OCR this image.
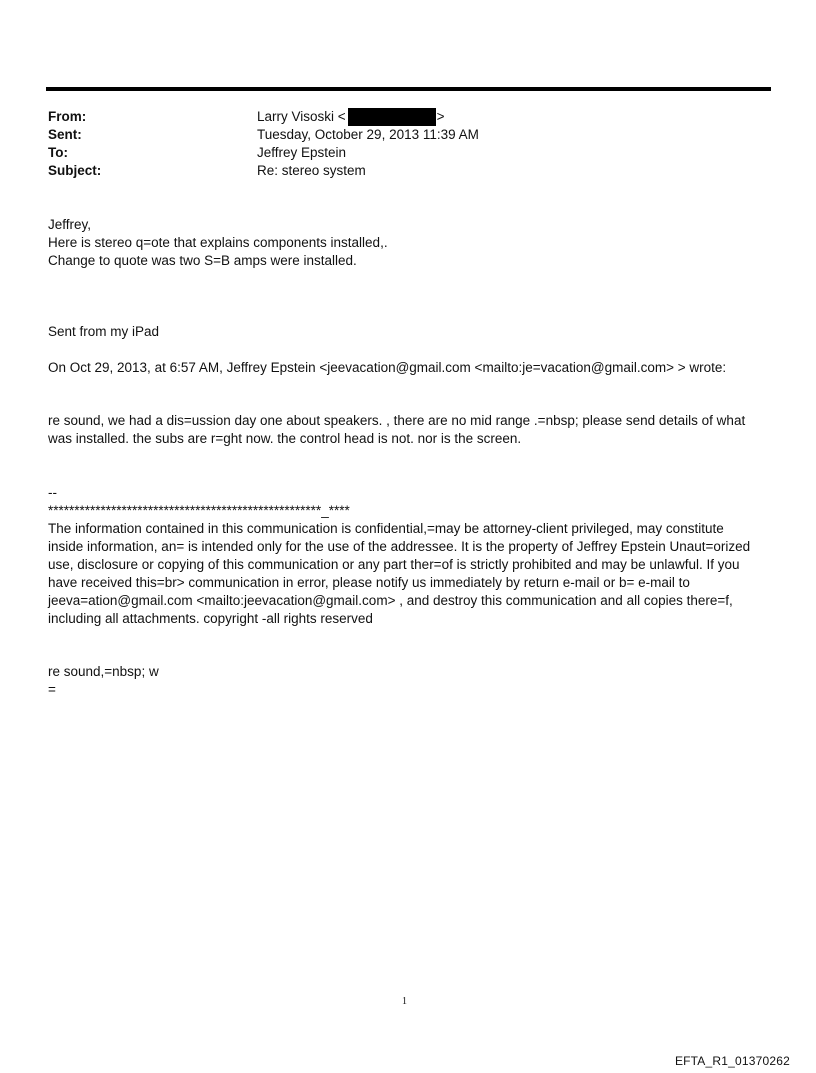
From:	Larry Visoski <	>
Sent:	Tuesday, October 29, 2013 11:39 AM
To:	Jeffrey Epstein
Subject:	Re: stereo system

Jeffrey,

Here is stereo q=ote that explains components installed,.

Change to quote was two S=B amps were installed.

Sent from my iPad
On Oct 29, 2013, at 6:57 AM, Jeffrey Epstein <jeevacation@gmail.com <mailto:je=vacation@gmail.com> > wrote:

re sound, we had a dis=ussion day one about speakers. , there are no mid range .=nbsp; please send details of what

was installed. the subs are r=ght now. the control head is not. nor is the screen.

--

****************************************************_****

The information contained in this communication is confidential,=may be attorney-client privileged, may constitute

inside information, an= is intended only for the use of the addressee. It is the property of Jeffrey Epstein Unaut=orized

use, disclosure or copying of this communication or any part ther=of is strictly prohibited and may be unlawful. If you

have received this=br> communication in error, please notify us immediately by return e-mail or b= e-mail to

jeeva=ation@gmail.com <mailto:jeevacation@gmail.com> , and destroy this communication and all copies there=f,

including all attachments. copyright -all rights reserved

re sound,=nbsp; w

=

1
EFTA_R1_01370262
